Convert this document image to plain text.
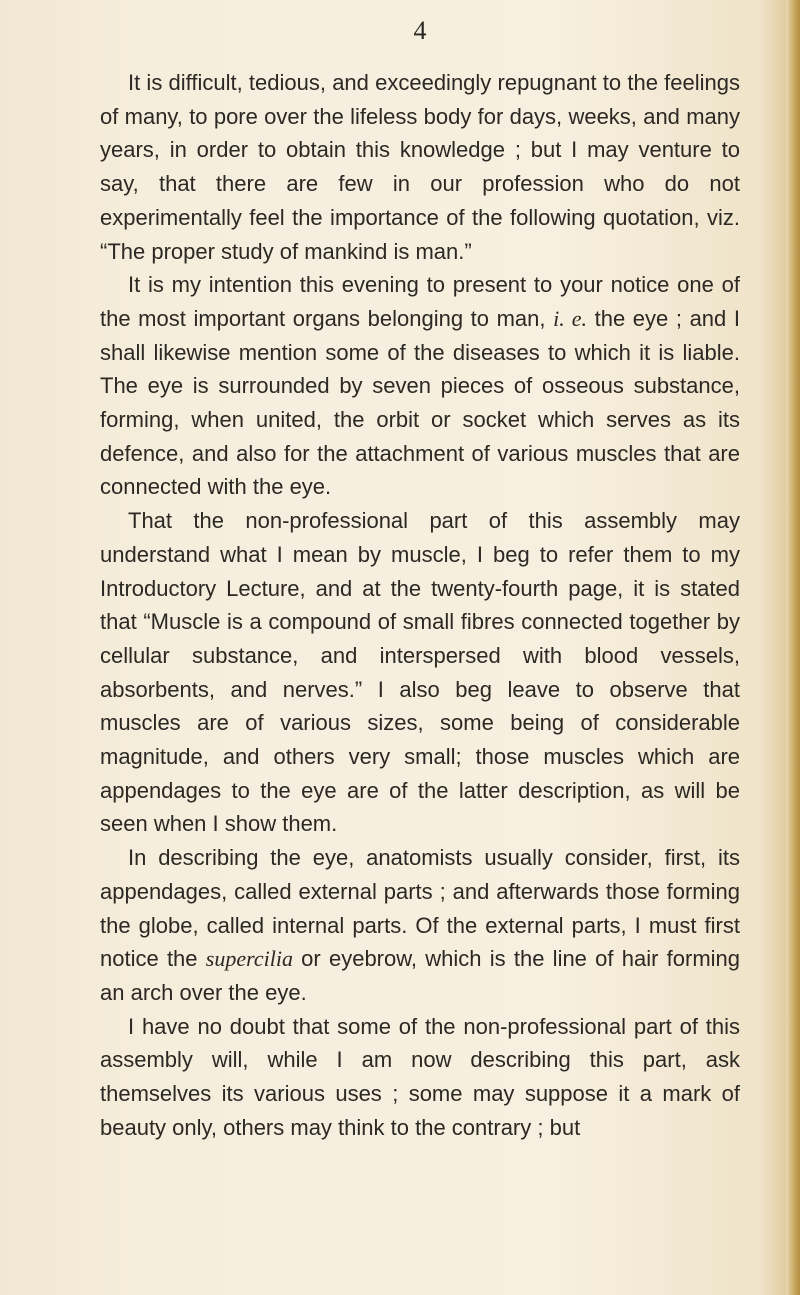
4

It is difficult, tedious, and exceedingly repugnant to the feelings of many, to pore over the lifeless body for days, weeks, and many years, in order to obtain this knowledge ; but I may venture to say, that there are few in our profession who do not experimentally feel the importance of the following quotation, viz. “The proper study of mankind is man.”

It is my intention this evening to present to your notice one of the most important organs belonging to man, i. e. the eye ; and I shall likewise mention some of the diseases to which it is liable. The eye is surrounded by seven pieces of osseous substance, forming, when united, the orbit or socket which serves as its defence, and also for the attachment of various muscles that are connected with the eye.

That the non-professional part of this assembly may understand what I mean by muscle, I beg to refer them to my Introductory Lecture, and at the twenty-fourth page, it is stated that “Muscle is a compound of small fibres connected together by cellular substance, and interspersed with blood vessels, absorbents, and nerves.” I also beg leave to observe that muscles are of various sizes, some being of considerable magnitude, and others very small; those muscles which are appendages to the eye are of the latter description, as will be seen when I show them.

In describing the eye, anatomists usually consider, first, its appendages, called external parts ; and afterwards those forming the globe, called internal parts. Of the external parts, I must first notice the supercilia or eyebrow, which is the line of hair forming an arch over the eye.

I have no doubt that some of the non-professional part of this assembly will, while I am now describing this part, ask themselves its various uses ; some may suppose it a mark of beauty only, others may think to the contrary ; but
